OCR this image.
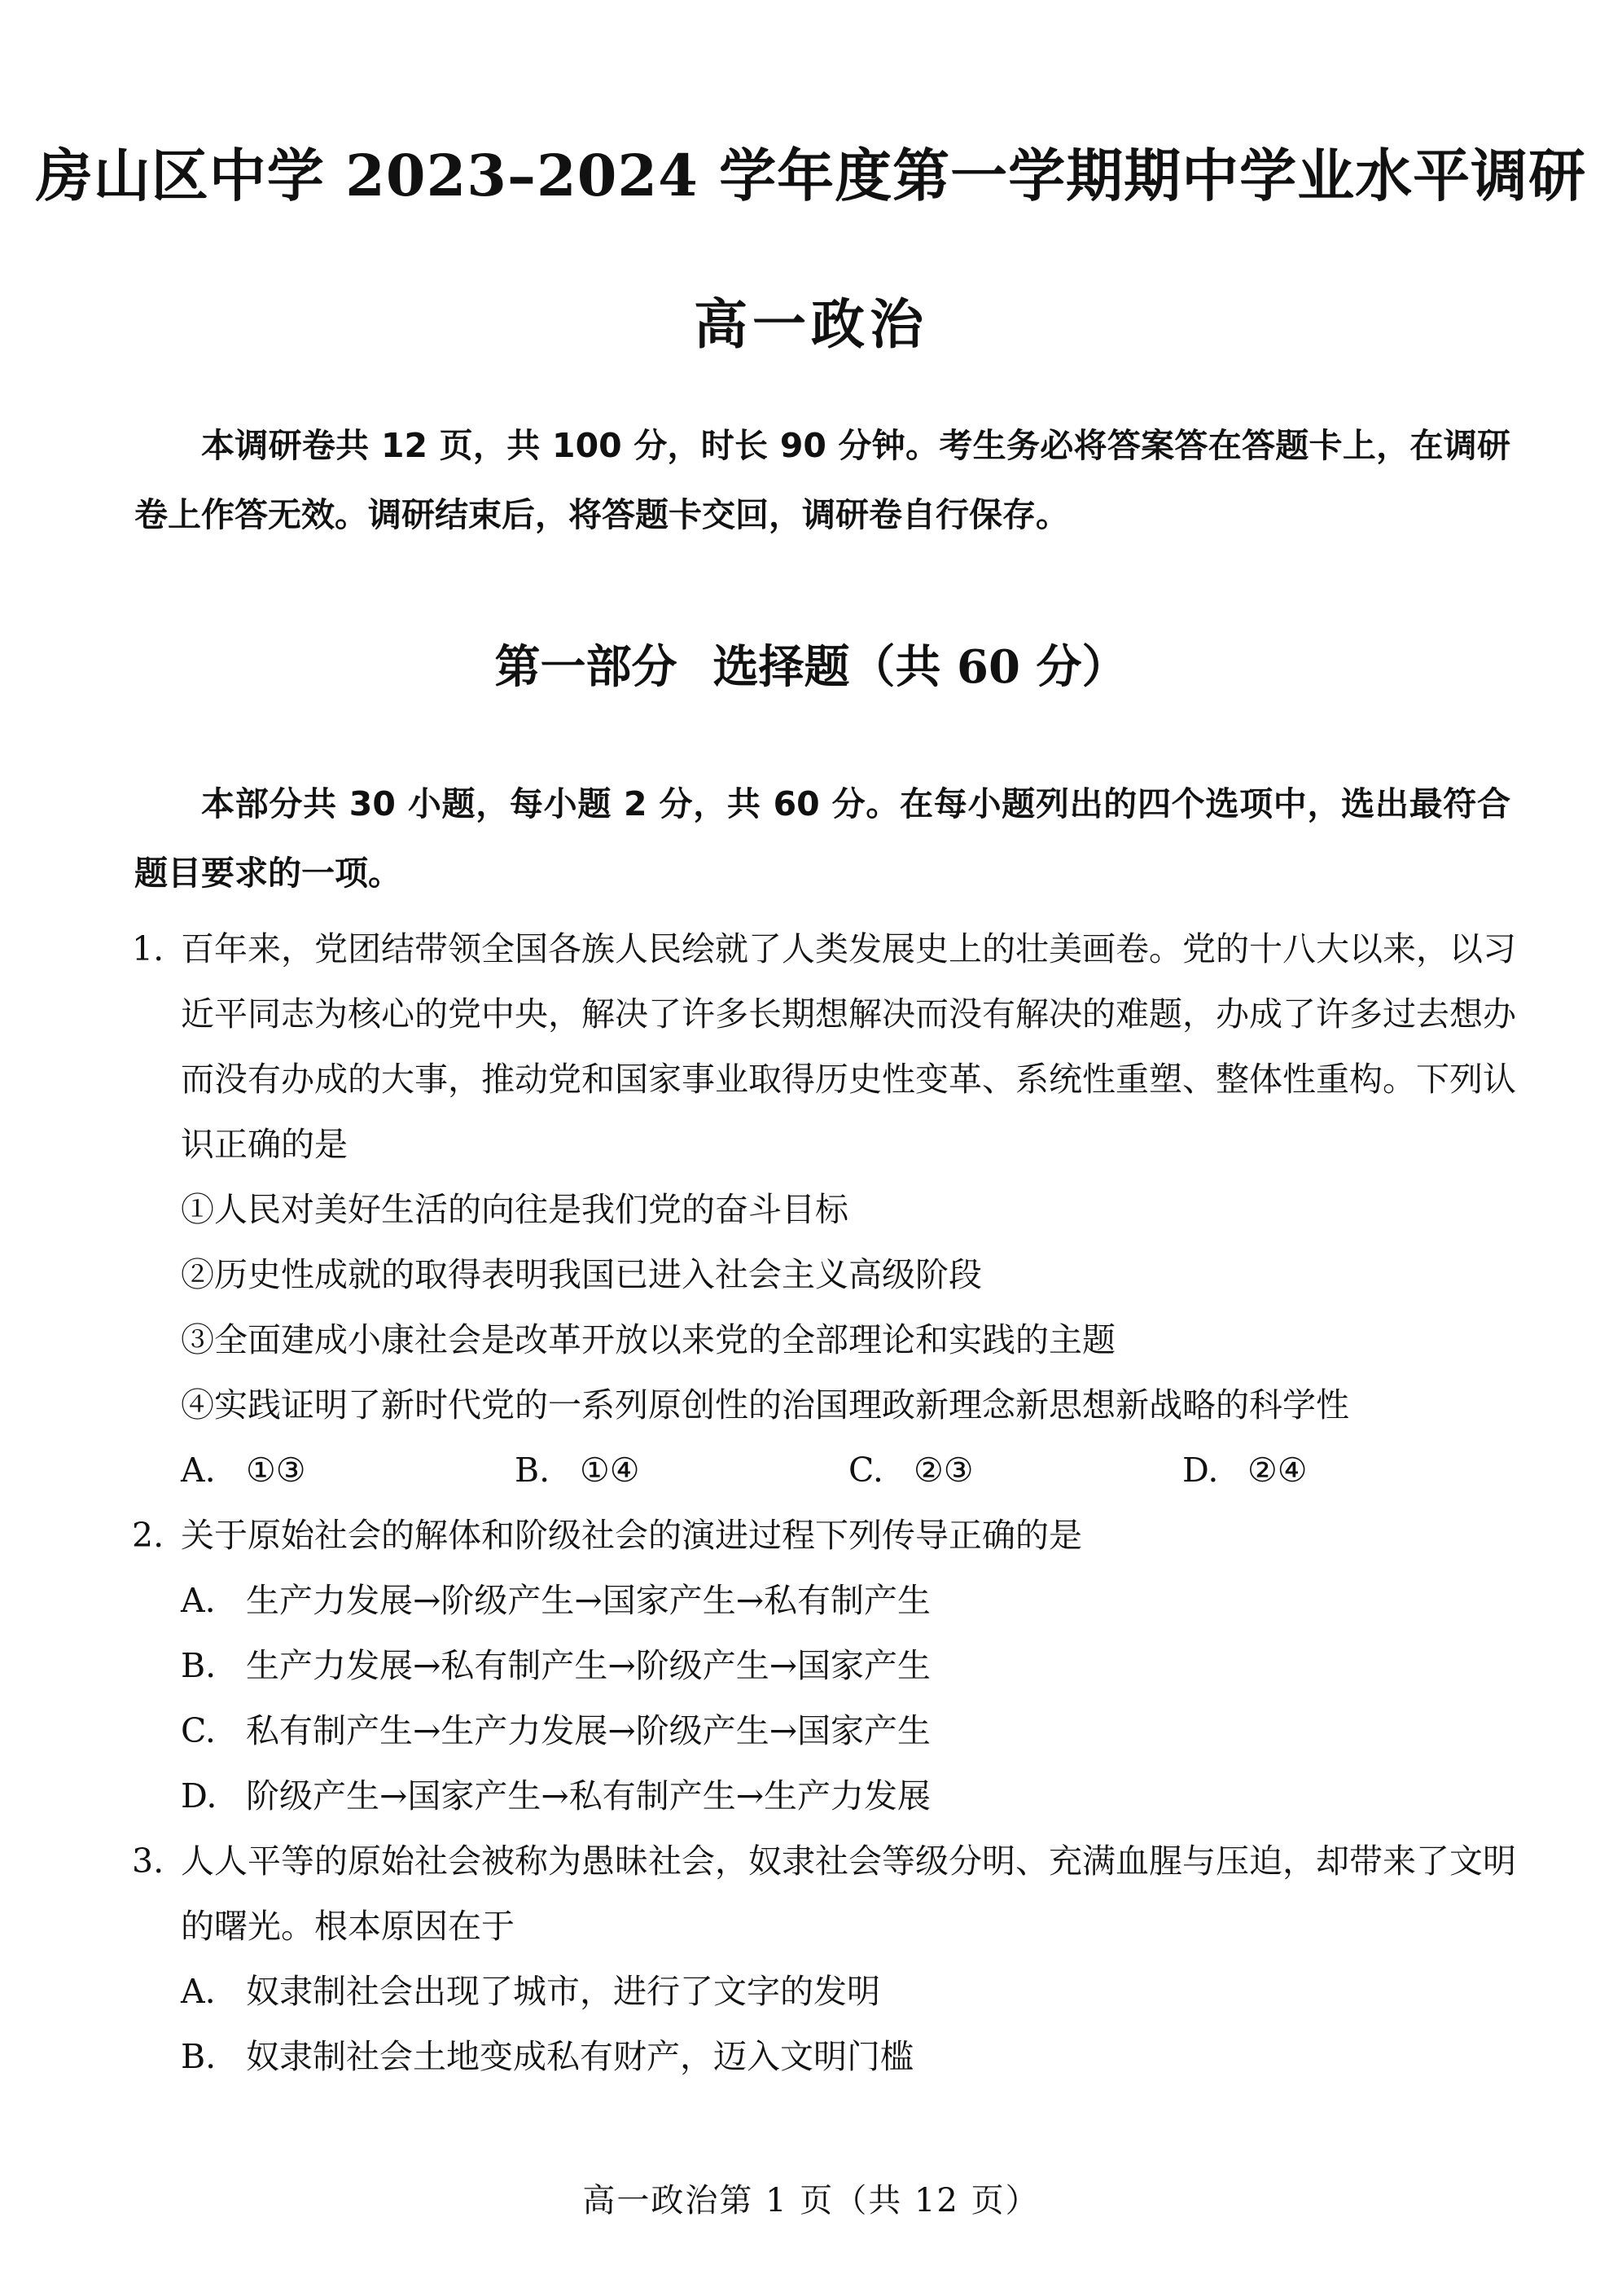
房山区中学 2023–2024 学年度第一学期期中学业水平调研
高一政治
本调研卷共 12 页，共 100 分，时长 90 分钟。考生务必将答案答在答题卡上，在调研卷上作答无效。调研结束后，将答题卡交回，调研卷自行保存。
第一部分 选择题（共 60 分）
本部分共 30 小题，每小题 2 分，共 60 分。在每小题列出的四个选项中，选出最符合题目要求的一项。
1. 百年来，党团结带领全国各族人民绘就了人类发展史上的壮美画卷。党的十八大以来，以习近平同志为核心的党中央，解决了许多长期想解决而没有解决的难题，办成了许多过去想办而没有办成的大事，推动党和国家事业取得历史性变革、系统性重塑、整体性重构。下列认识正确的是
①人民对美好生活的向往是我们党的奋斗目标
②历史性成就的取得表明我国已进入社会主义高级阶段
③全面建成小康社会是改革开放以来党的全部理论和实践的主题
④实践证明了新时代党的一系列原创性的治国理政新理念新思想新战略的科学性
A. ①③	B. ①④	C. ②③	D. ②④
2. 关于原始社会的解体和阶级社会的演进过程下列传导正确的是
A. 生产力发展→阶级产生→国家产生→私有制产生
B. 生产力发展→私有制产生→阶级产生→国家产生
C. 私有制产生→生产力发展→阶级产生→国家产生
D. 阶级产生→国家产生→私有制产生→生产力发展
3. 人人平等的原始社会被称为愚昧社会，奴隶社会等级分明、充满血腥与压迫，却带来了文明的曙光。根本原因在于
A. 奴隶制社会出现了城市，进行了文字的发明
B. 奴隶制社会土地变成私有财产，迈入文明门槛
高一政治第 1 页（共 12 页）
